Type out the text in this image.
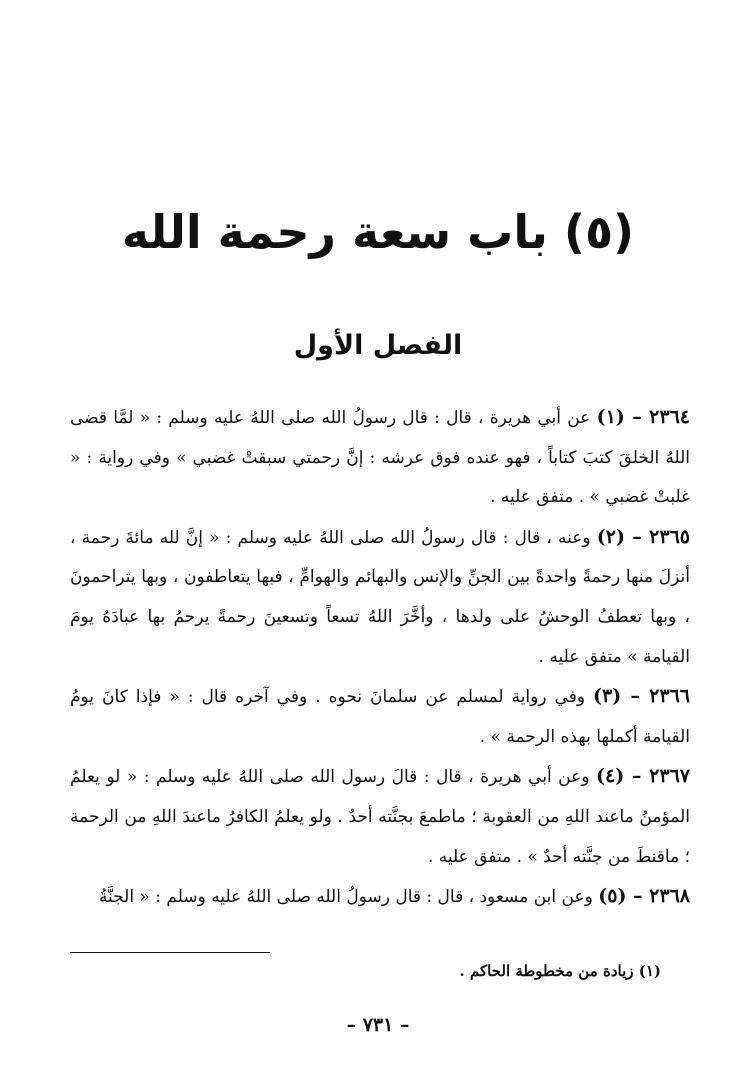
(٥) باب سعة رحمة الله
الفصل الأول

٢٣٦٤ – (١) عن أبي هريرة ، قال : قال رسولُ الله صلى اللهُ عليه وسلم : « لمَّا قضى اللهُ الخلقَ كتبَ كتاباً ، فهو عنده فوق عرشه : إنَّ رحمتي سبقتْ غضبي » وفي رواية : « غلبتْ غضبي » . متفق عليه .

٢٣٦٥ – (٢) وعنه ، قال : قال رسولُ الله صلى اللهُ عليه وسلم : « إنَّ لله مائةَ رحمة ، أنزلَ منها رحمةً واحدةً بين الجنِّ والإنس والبهائم والهوامِّ ، فبها يتعاطفون ، وبها يتراحمونَ ، وبها تعطفُ الوحشُ على ولدها ، وأخَّرَ اللهُ تسعاً وتسعينَ رحمةً يرحمُ بها عبادَهُ يومَ القيامة » متفق عليه .

٢٣٦٦ – (٣) وفي رواية لمسلم عن سلمانَ نحوه . وفي آخره قال : « فإذا كانَ يومُ القيامة أكملها بهذه الرحمة » .

٢٣٦٧ – (٤) وعن أبي هريرة ، قال : قالَ رسول الله صلى اللهُ عليه وسلم : « لو يعلمُ المؤمنُ ماعند اللهِ من العقوبة ؛ ماطمعَ بجنَّته أحدٌ . ولو يعلمُ الكافرُ ماعندَ اللهِ من الرحمة ؛ ماقنطَ من جنَّته أحدٌ » . متفق عليه .

٢٣٦٨ – (٥) وعن ابن مسعود ، قال : قال رسولُ الله صلى اللهُ عليه وسلم : « الجنَّةُ

(١) زيادة من مخطوطة الحاكم .
– ٧٣١ –
